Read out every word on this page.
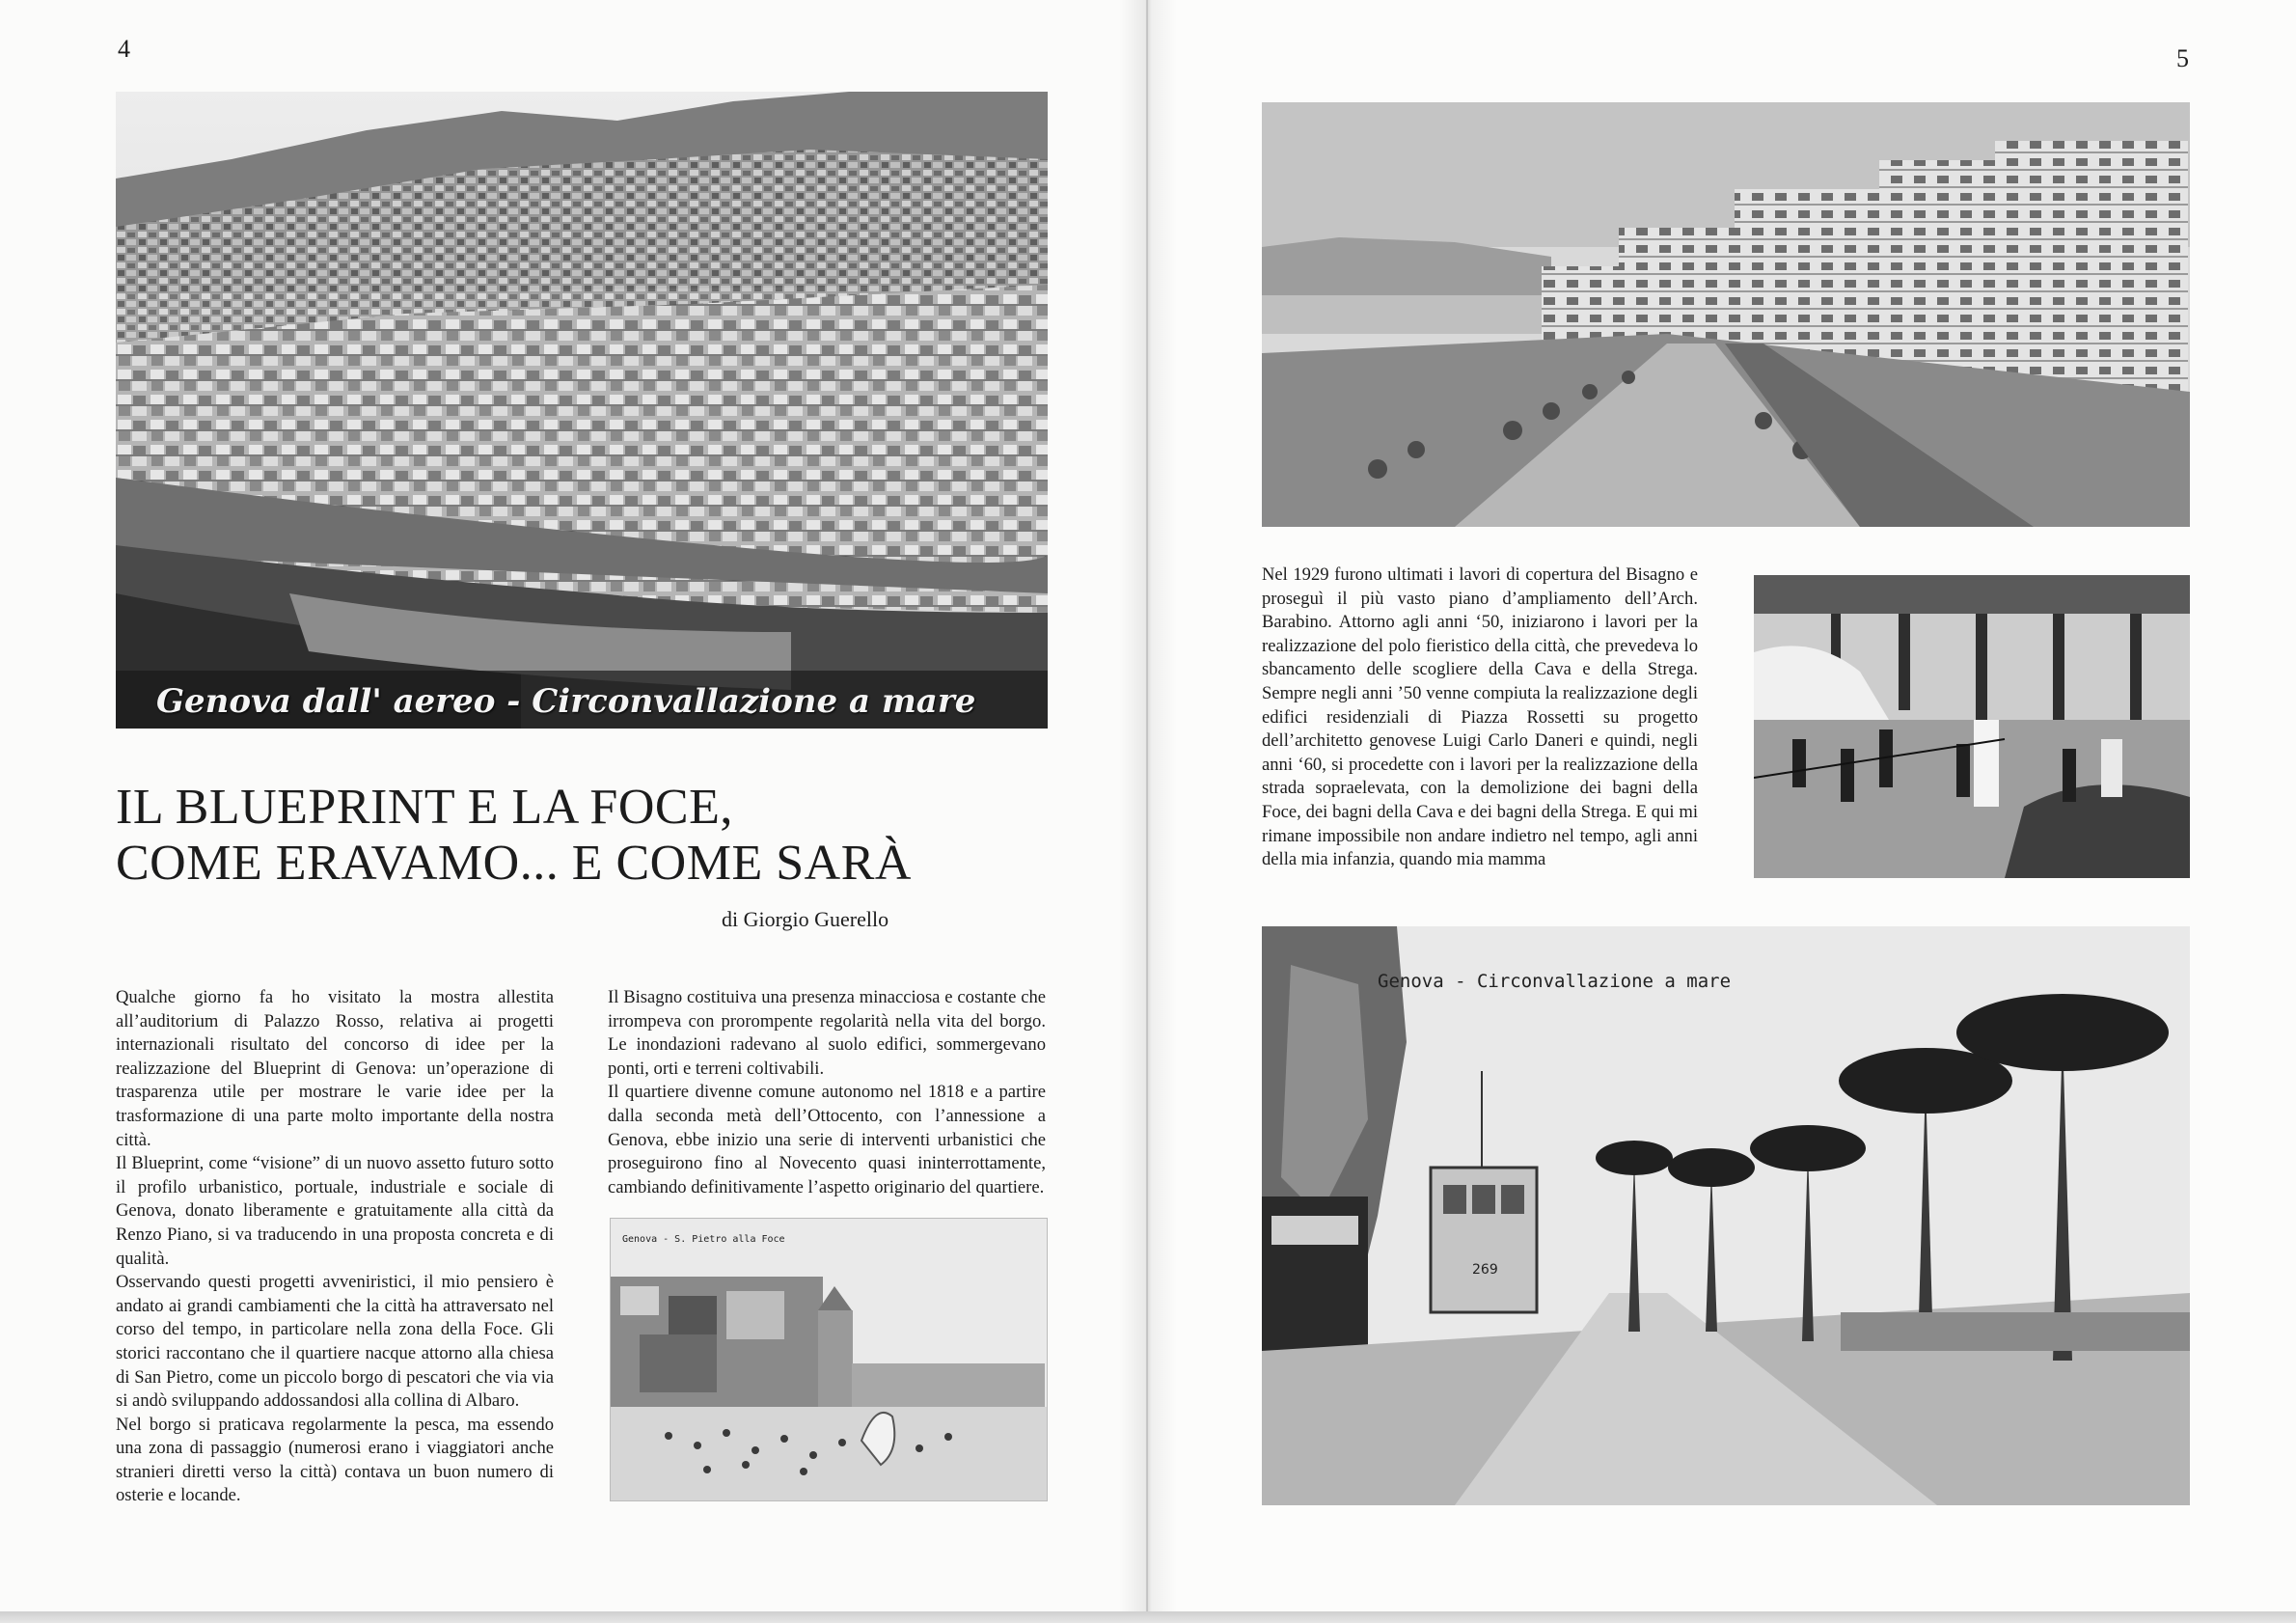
4
Genova dall' aereo - Circonvallazione a mare
IL BLUEPRINT E LA FOCE,
COME ERAVAMO... E COME SARÀ
di Giorgio Guerello

Qualche giorno fa ho visitato la mostra allestita all’auditorium di Palazzo Rosso, relativa ai progetti internazionali risultato del concorso di idee per la realizzazione del Blueprint di Genova: un’operazione di trasparenza utile per mostrare le varie idee per la trasformazione di una parte molto importante della nostra città.

Il Blueprint, come “visione” di un nuovo assetto futuro sotto il profilo urbanistico, portuale, industriale e sociale di Genova, donato liberamente e gratuitamente alla città da Renzo Piano, si va traducendo in una proposta concreta e di qualità.

Osservando questi progetti avveniristici, il mio pensiero è andato ai grandi cambiamenti che la città ha attraversato nel corso del tempo, in particolare nella zona della Foce. Gli storici raccontano che il quartiere nacque attorno alla chiesa di San Pietro, come un piccolo borgo di pescatori che via via si andò sviluppando addossandosi alla collina di Albaro.

Nel borgo si praticava regolarmente la pesca, ma essendo una zona di passaggio (numerosi erano i viaggiatori anche stranieri diretti verso la città) contava un buon numero di osterie e locande.

Il Bisagno costituiva una presenza minacciosa e costante che irrompeva con prorompente regolarità nella vita del borgo. Le inondazioni radevano al suolo edifici, sommergevano ponti, orti e terreni coltivabili.

Il quartiere divenne comune autonomo nel 1818 e a partire dalla seconda metà dell’Ottocento, con l’annessione a Genova, ebbe inizio una serie di interventi urbanistici che proseguirono fino al Novecento quasi ininterrottamente, cambiando definitivamente l’aspetto originario del quartiere.

Genova - S. Pietro alla Foce
5

Nel 1929 furono ultimati i lavori di copertura del Bisagno e proseguì il più vasto piano d’ampliamento dell’Arch. Barabino. Attorno agli anni ‘50, iniziarono i lavori per la realizzazione del polo fieristico della città, che prevedeva lo sbancamento delle scogliere della Cava e della Strega. Sempre negli anni ’50 venne compiuta la realizzazione degli edifici residenziali di Piazza Rossetti su progetto dell’architetto genovese Luigi Carlo Daneri e quindi, negli anni ‘60, si procedette con i lavori per la realizzazione della strada sopraelevata, con la demolizione dei bagni della Foce, dei bagni della Cava e dei bagni della Strega. E qui mi rimane impossibile non andare indietro nel tempo, agli anni della mia infanzia, quando mia mamma

269
Genova - Circonvallazione a mare
